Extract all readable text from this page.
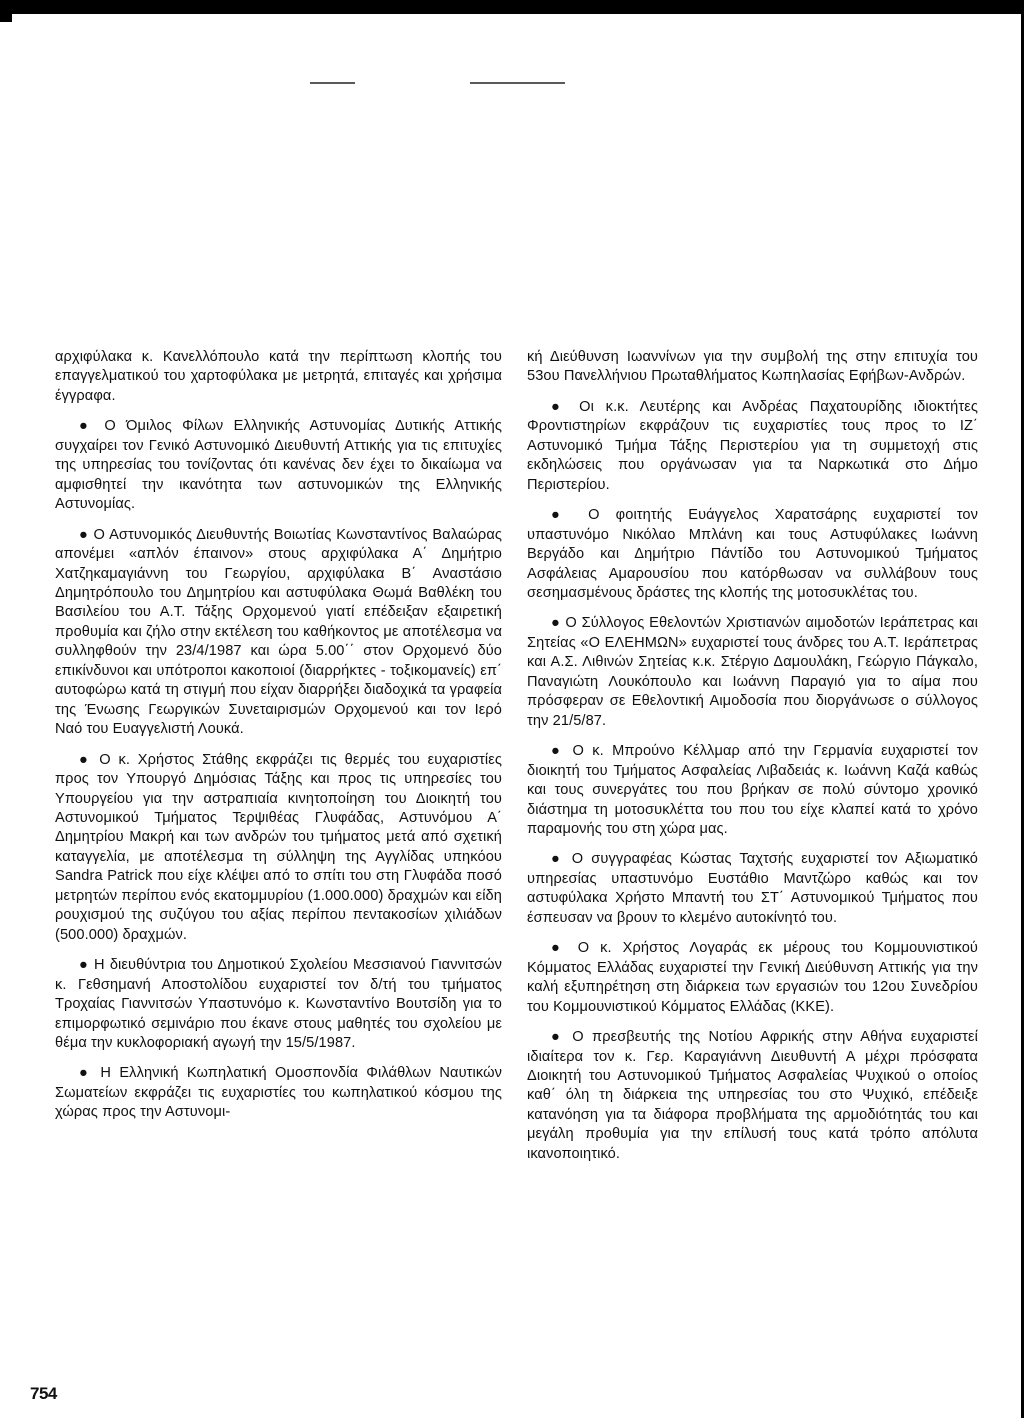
αρχιφύλακα κ. Κανελλόπουλο κατά την περίπτωση κλοπής του επαγγελματικού του χαρτοφύλακα με μετρητά, επιταγές και χρήσιμα έγγραφα.

● Ο Όμιλος Φίλων Ελληνικής Αστυνομίας Δυτικής Αττικής συγχαίρει τον Γενικό Αστυνομικό Διευθυντή Αττικής για τις επιτυχίες της υπηρεσίας του τονίζοντας ότι κανένας δεν έχει το δικαίωμα να αμφισθητεί την ικανότητα των αστυνομικών της Ελληνικής Αστυνομίας.

● Ο Αστυνομικός Διευθυντής Βοιωτίας Κωνσταντίνος Βαλαώρας απονέμει «απλόν έπαινον» στους αρχιφύλακα Α΄ Δημήτριο Χατζηκαμαγιάννη του Γεωργίου, αρχιφύλακα Β΄ Αναστάσιο Δημητρόπουλο του Δημητρίου και αστυφύλακα Θωμά Βαθλέκη του Βασιλείου του Α.Τ. Τάξης Ορχομενού γιατί επέδειξαν εξαιρετική προθυμία και ζήλο στην εκτέλεση του καθήκοντος με αποτέλεσμα να συλληφθούν την 23/4/1987 και ώρα 5.00΄΄ στον Ορχομενό δύο επικίνδυνοι και υπότροποι κακοποιοί (διαρρήκτες - τοξικομανείς) επ΄ αυτοφώρω κατά τη στιγμή που είχαν διαρρήξει διαδοχικά τα γραφεία της Ένωσης Γεωργικών Συνεταιρισμών Ορχομενού και τον Ιερό Ναό του Ευαγγελιστή Λουκά.

● Ο κ. Χρήστος Στάθης εκφράζει τις θερμές του ευχαριστίες προς τον Υπουργό Δημόσιας Τάξης και προς τις υπηρεσίες του Υπουργείου για την αστραπιαία κινητοποίηση του Διοικητή του Αστυνομικού Τμήματος Τερψιθέας Γλυφάδας, Αστυνόμου Α΄ Δημητρίου Μακρή και των ανδρών του τμήματος μετά από σχετική καταγγελία, με αποτέλεσμα τη σύλληψη της Αγγλίδας υπηκόου Sandra Patrick που είχε κλέψει από το σπίτι του στη Γλυφάδα ποσό μετρητών περίπου ενός εκατομμυρίου (1.000.000) δραχμών και είδη ρουχισμού της συζύγου του αξίας περίπου πεντακοσίων χιλιάδων (500.000) δραχμών.

● Η διευθύντρια του Δημοτικού Σχολείου Μεσσιανού Γιαννιτσών κ. Γεθσημανή Αποστολίδου ευχαριστεί τον δ/τή του τμήματος Τροχαίας Γιαννιτσών Υπαστυνόμο κ. Κωνσταντίνο Βουτσίδη για το επιμορφωτικό σεμινάριο που έκανε στους μαθητές του σχολείου με θέμα την κυκλοφοριακή αγωγή την 15/5/1987.

● Η Ελληνική Κωπηλατική Ομοσπονδία Φιλάθλων Ναυτικών Σωματείων εκφράζει τις ευχαριστίες του κωπηλατικού κόσμου της χώρας προς την Αστυνομι-

κή Διεύθυνση Ιωαννίνων για την συμβολή της στην επιτυχία του 53ου Πανελλήνιου Πρωταθλήματος Κωπηλασίας Εφήβων-Ανδρών.

● Οι κ.κ. Λευτέρης και Ανδρέας Παχατουρίδης ιδιοκτήτες Φροντιστηρίων εκφράζουν τις ευχαριστίες τους προς το ΙΖ΄ Αστυνομικό Τμήμα Τάξης Περιστερίου για τη συμμετοχή στις εκδηλώσεις που οργάνωσαν για τα Ναρκωτικά στο Δήμο Περιστερίου.

● Ο φοιτητής Ευάγγελος Χαρατσάρης ευχαριστεί τον υπαστυνόμο Νικόλαο Μπλάνη και τους Αστυφύλακες Ιωάννη Βεργάδο και Δημήτριο Πάντίδο του Αστυνομικού Τμήματος Ασφάλειας Αμαρουσίου που κατόρθωσαν να συλλάβουν τους σεσημασμένους δράστες της κλοπής της μοτοσυκλέτας του.

● Ο Σύλλογος Εθελοντών Χριστιανών αιμοδοτών Ιεράπετρας και Σητείας «Ο ΕΛΕΗΜΩΝ» ευχαριστεί τους άνδρες του Α.Τ. Ιεράπετρας και Α.Σ. Λιθινών Σητείας κ.κ. Στέργιο Δαμουλάκη, Γεώργιο Πάγκαλο, Παναγιώτη Λουκόπουλο και Ιωάννη Παραγιό για το αίμα που πρόσφεραν σε Εθελοντική Αιμοδοσία που διοργάνωσε ο σύλλογος την 21/5/87.

● Ο κ. Μπρούνο Κέλλμαρ από την Γερμανία ευχαριστεί τον διοικητή του Τμήματος Ασφαλείας Λιβαδειάς κ. Ιωάννη Καζά καθώς και τους συνεργάτες του που βρήκαν σε πολύ σύντομο χρονικό διάστημα τη μοτοσυκλέττα του που του είχε κλαπεί κατά το χρόνο παραμονής του στη χώρα μας.

● Ο συγγραφέας Κώστας Ταχτσής ευχαριστεί τον Αξιωματικό υπηρεσίας υπαστυνόμο Ευστάθιο Μαντζώρο καθώς και τον αστυφύλακα Χρήστο Μπαντή του ΣΤ΄ Αστυνομικού Τμήματος που έσπευσαν να βρουν το κλεμένο αυτοκίνητό του.

● Ο κ. Χρήστος Λογαράς εκ μέρους του Κομμουνιστικού Κόμματος Ελλάδας ευχαριστεί την Γενική Διεύθυνση Αττικής για την καλή εξυπηρέτηση στη διάρκεια των εργασιών του 12ου Συνεδρίου του Κομμουνιστικού Κόμματος Ελλάδας (ΚΚΕ).

● Ο πρεσβευτής της Νοτίου Αφρικής στην Αθήνα ευχαριστεί ιδιαίτερα τον κ. Γερ. Καραγιάννη Διευθυντή Α μέχρι πρόσφατα Διοικητή του Αστυνομικού Τμήματος Ασφαλείας Ψυχικού ο οποίος καθ΄ όλη τη διάρκεια της υπηρεσίας του στο Ψυχικό, επέδειξε κατανόηση για τα διάφορα προβλήματα της αρμοδιότητάς του και μεγάλη προθυμία για την επίλυσή τους κατά τρόπο απόλυτα ικανοποιητικό.

754
